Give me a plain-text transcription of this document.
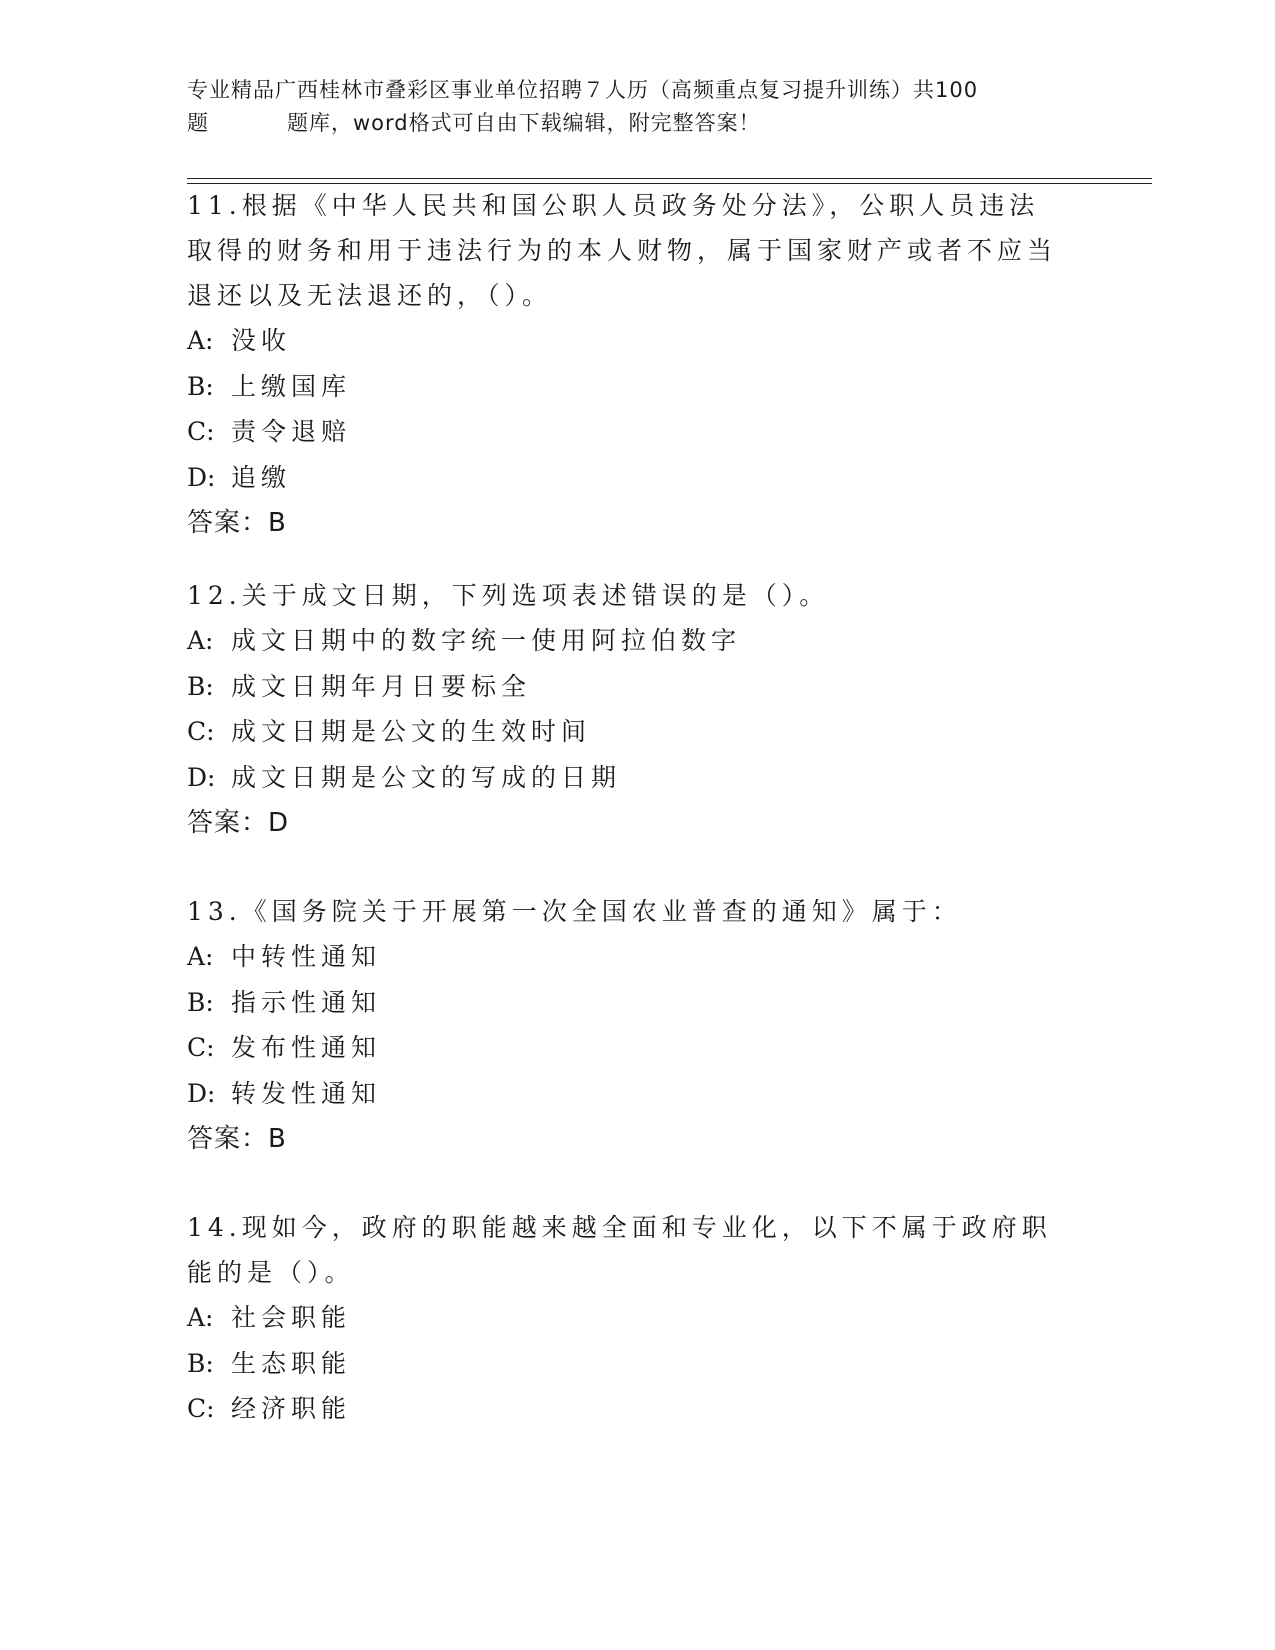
专业精品广西桂林市叠彩区事业单位招聘７人历（高频重点复习提升训练）共100
题	题库，word格式可自由下载编辑，附完整答案！

11.根据《中华人民共和国公职人员政务处分法》，公职人员违法取得的财务和用于违法行为的本人财物，属于国家财产或者不应当退还以及无法退还的，（）。

A: 没收
B: 上缴国库
C: 责令退赔
D: 追缴

答案：B

12.关于成文日期，下列选项表述错误的是（）。

A: 成文日期中的数字统一使用阿拉伯数字
B: 成文日期年月日要标全
C: 成文日期是公文的生效时间
D: 成文日期是公文的写成的日期

答案：D

13.《国务院关于开展第一次全国农业普查的通知》属于：

A: 中转性通知
B: 指示性通知
C: 发布性通知
D: 转发性通知

答案：B

14.现如今，政府的职能越来越全面和专业化，以下不属于政府职能的是（）。

A: 社会职能
B: 生态职能
C: 经济职能
